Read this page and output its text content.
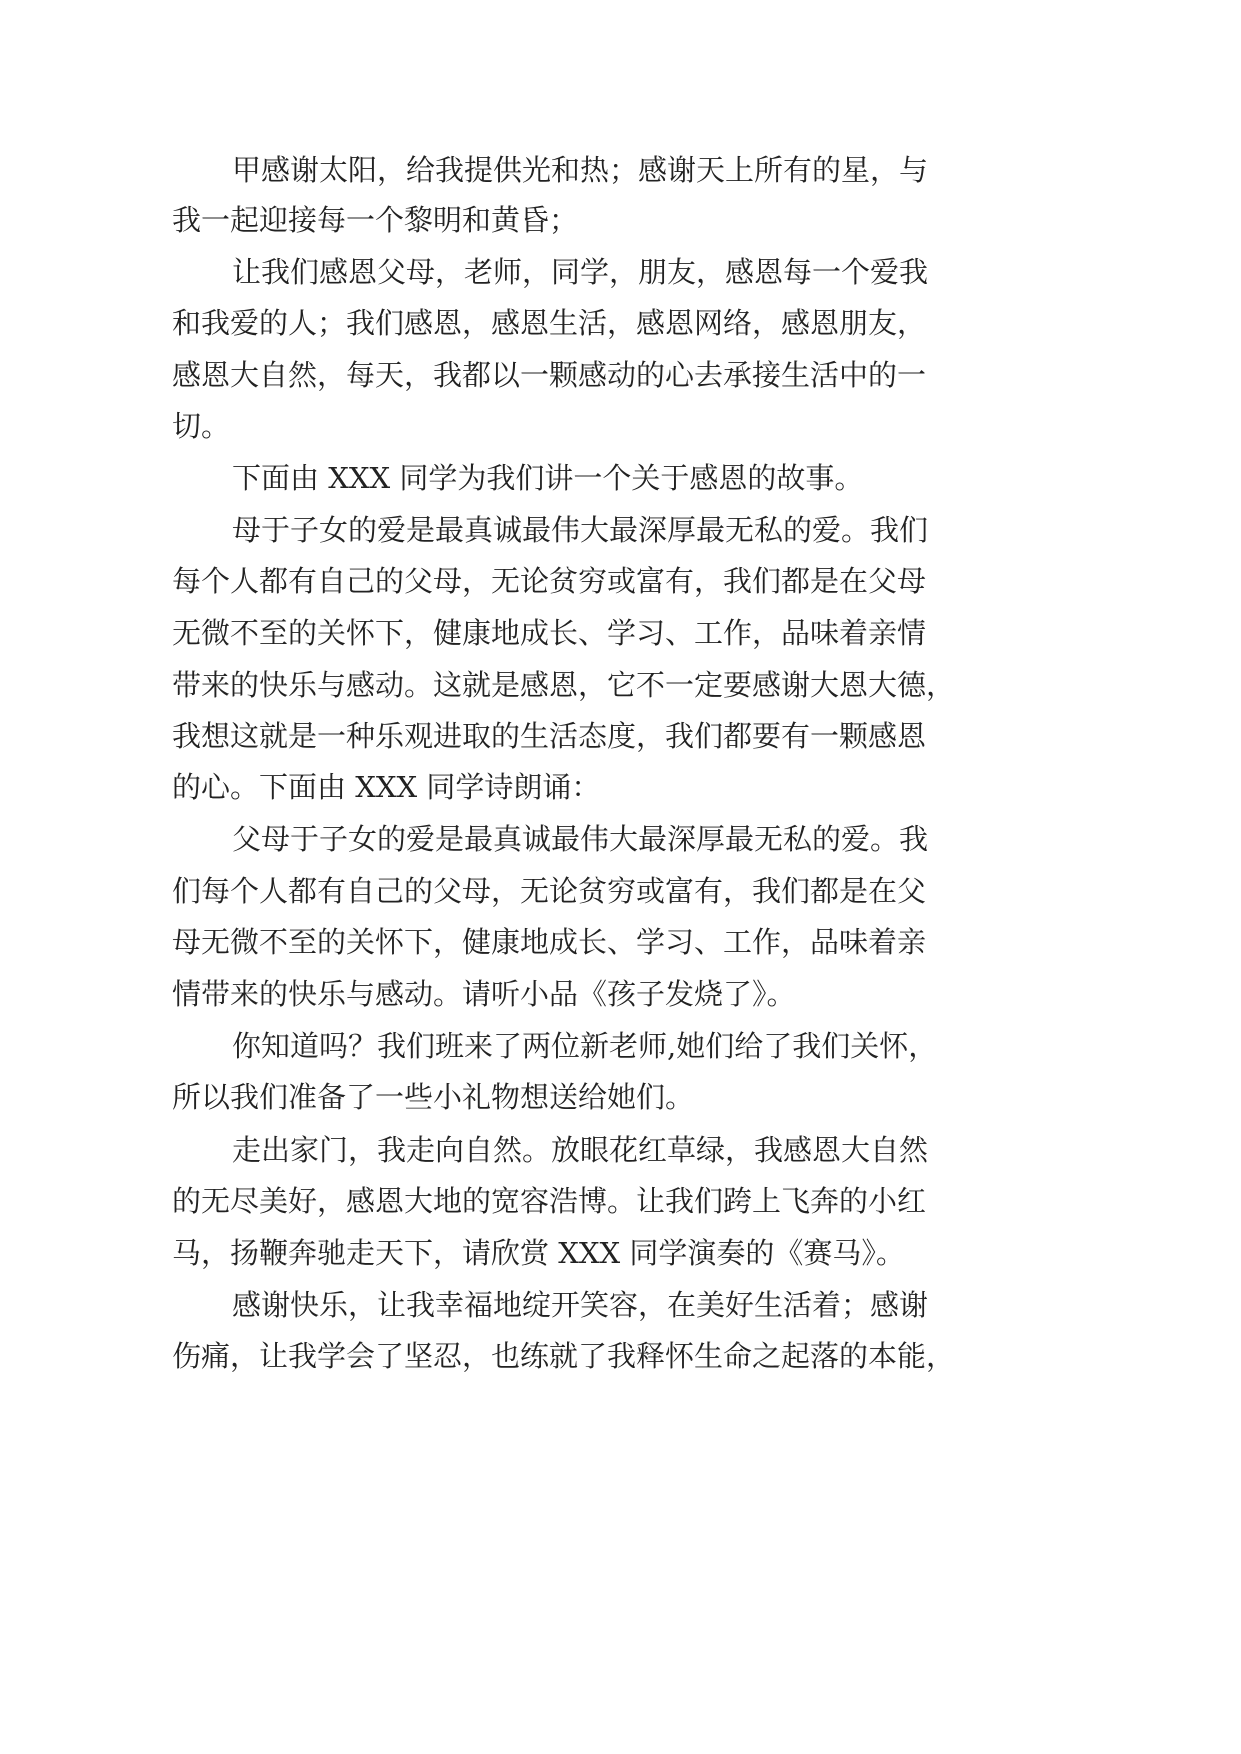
甲感谢太阳，给我提供光和热；感谢天上所有的星，与

我一起迎接每一个黎明和黄昏；

让我们感恩父母，老师，同学，朋友，感恩每一个爱我

和我爱的人；我们感恩，感恩生活，感恩网络，感恩朋友，

感恩大自然，每天，我都以一颗感动的心去承接生活中的一

切。

下面由 XXX 同学为我们讲一个关于感恩的故事。

母于子女的爱是最真诚最伟大最深厚最无私的爱。我们

每个人都有自己的父母，无论贫穷或富有，我们都是在父母

无微不至的关怀下，健康地成长、学习、工作，品味着亲情

带来的快乐与感动。这就是感恩，它不一定要感谢大恩大德，

我想这就是一种乐观进取的生活态度，我们都要有一颗感恩

的心。下面由 XXX 同学诗朗诵：

父母于子女的爱是最真诚最伟大最深厚最无私的爱。我

们每个人都有自己的父母，无论贫穷或富有，我们都是在父

母无微不至的关怀下，健康地成长、学习、工作，品味着亲

情带来的快乐与感动。请听小品《孩子发烧了》。

你知道吗？我们班来了两位新老师,她们给了我们关怀，

所以我们准备了一些小礼物想送给她们。

走出家门，我走向自然。放眼花红草绿，我感恩大自然

的无尽美好，感恩大地的宽容浩博。让我们跨上飞奔的小红

马，扬鞭奔驰走天下，请欣赏 XXX 同学演奏的《赛马》。

感谢快乐，让我幸福地绽开笑容，在美好生活着；感谢

伤痛，让我学会了坚忍，也练就了我释怀生命之起落的本能，
